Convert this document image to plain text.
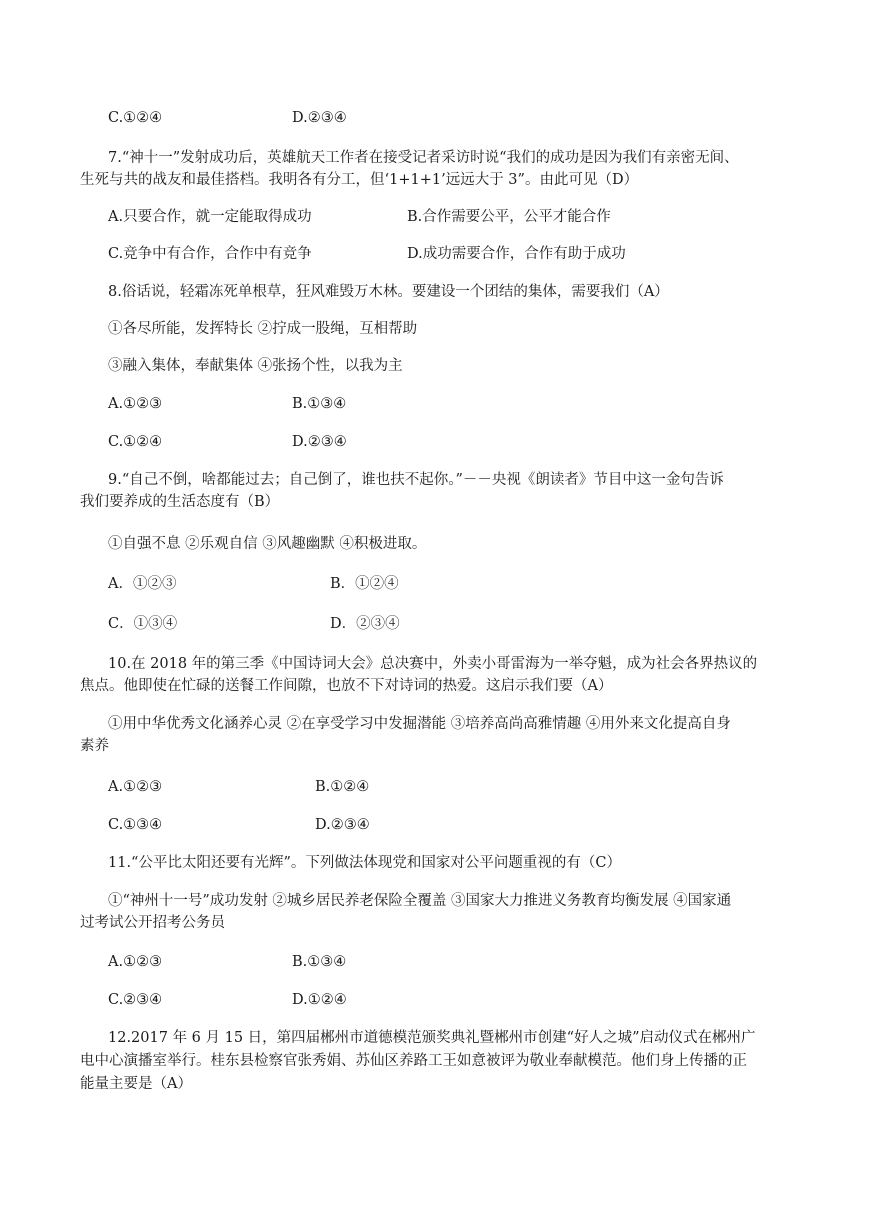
C.①②④	D.②③④
7.“神十一”发射成功后，英雄航天工作者在接受记者采访时说“我们的成功是因为我们有亲密无间、
生死与共的战友和最佳搭档。我明各有分工，但‘1+1+1’远远大于 3”。由此可见（D）
A.只要合作，就一定能取得成功	B.合作需要公平，公平才能合作
C.竞争中有合作，合作中有竞争	D.成功需要合作，合作有助于成功
8.俗话说，轻霜冻死单根草，狂风难毁万木林。要建设一个团结的集体，需要我们（A）
①各尽所能，发挥特长 ②拧成一股绳，互相帮助
③融入集体，奉献集体 ④张扬个性，以我为主
A.①②③	B.①③④
C.①②④	D.②③④
9.“自己不倒，啥都能过去；自己倒了，谁也扶不起你。”－－央视《朗读者》节目中这一金句告诉
我们要养成的生活态度有（B）
①自强不息 ②乐观自信 ③风趣幽默 ④积极进取。
A．①②③	B．①②④
C．①③④	D．②③④
10.在 2018 年的第三季《中国诗词大会》总决赛中，外卖小哥雷海为一举夺魁，成为社会各界热议的
焦点。他即使在忙碌的送餐工作间隙，也放不下对诗词的热爱。这启示我们要（A）
①用中华优秀文化涵养心灵 ②在享受学习中发掘潜能 ③培养高尚高雅情趣 ④用外来文化提高自身
素养
A.①②③	B.①②④
C.①③④	D.②③④
11.“公平比太阳还要有光辉”。下列做法体现党和国家对公平问题重视的有（C）
①“神州十一号”成功发射 ②城乡居民养老保险全覆盖 ③国家大力推进义务教育均衡发展 ④国家通
过考试公开招考公务员
A.①②③	B.①③④
C.②③④	D.①②④
12.2017 年 6 月 15 日，第四届郴州市道德模范颁奖典礼暨郴州市创建“好人之城”启动仪式在郴州广
电中心演播室举行。桂东县检察官张秀娟、苏仙区养路工王如意被评为敬业奉献模范。他们身上传播的正
能量主要是（A）
